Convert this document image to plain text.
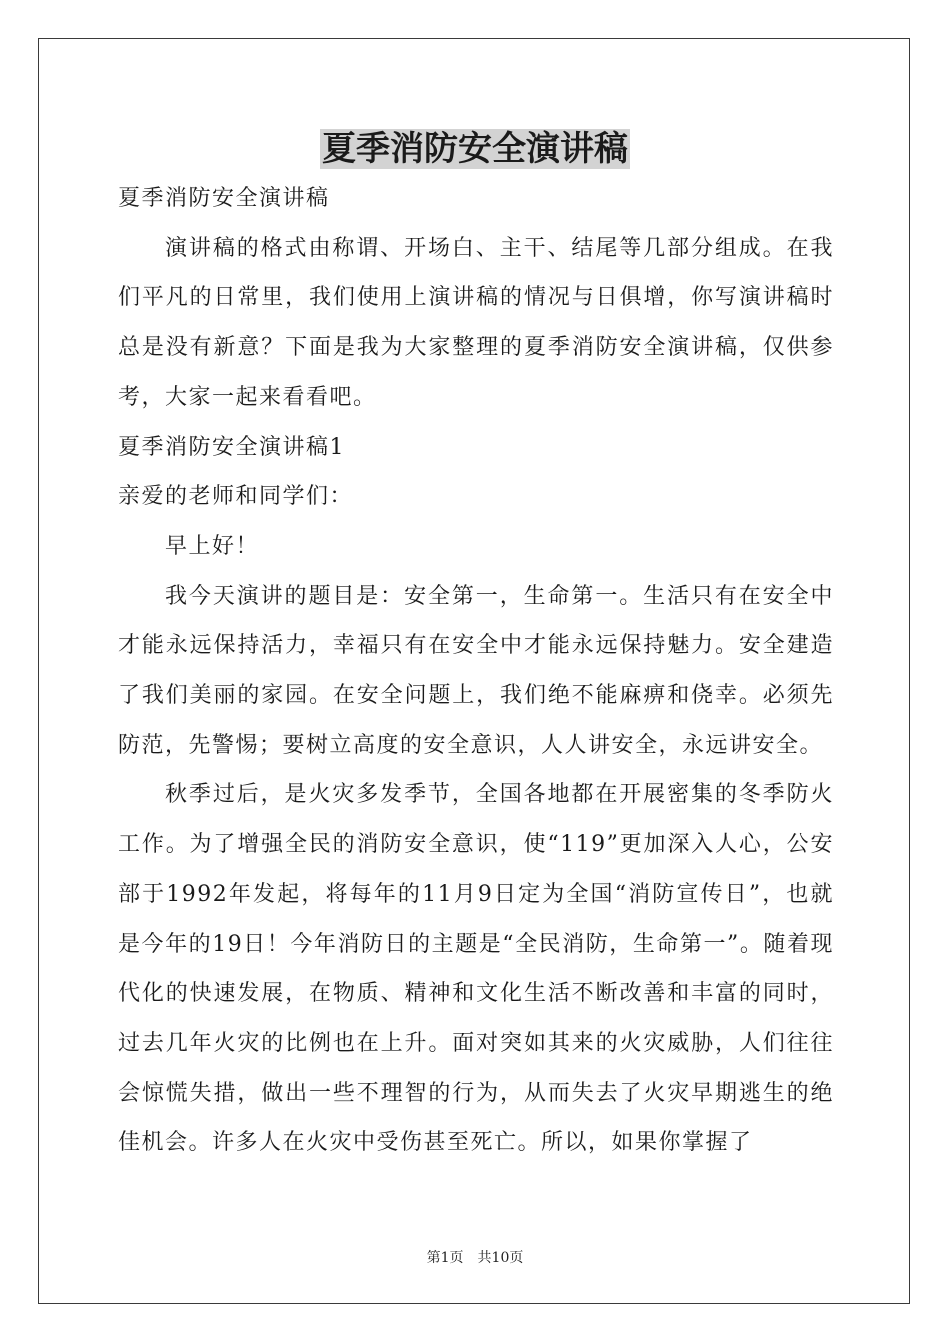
夏季消防安全演讲稿

夏季消防安全演讲稿

演讲稿的格式由称谓、开场白、主干、结尾等几部分组成。在我们平凡的日常里，我们使用上演讲稿的情况与日俱增，你写演讲稿时总是没有新意？下面是我为大家整理的夏季消防安全演讲稿，仅供参考，大家一起来看看吧。

夏季消防安全演讲稿1

亲爱的老师和同学们：

早上好！

我今天演讲的题目是：安全第一，生命第一。生活只有在安全中才能永远保持活力，幸福只有在安全中才能永远保持魅力。安全建造了我们美丽的家园。在安全问题上，我们绝不能麻痹和侥幸。必须先防范，先警惕；要树立高度的安全意识，人人讲安全，永远讲安全。

秋季过后，是火灾多发季节，全国各地都在开展密集的冬季防火工作。为了增强全民的消防安全意识，使“119”更加深入人心，公安部于1992年发起，将每年的11月9日定为全国“消防宣传日”，也就是今年的19日！今年消防日的主题是“全民消防，生命第一”。随着现代化的快速发展，在物质、精神和文化生活不断改善和丰富的同时，过去几年火灾的比例也在上升。面对突如其来的火灾威胁，人们往往会惊慌失措，做出一些不理智的行为，从而失去了火灾早期逃生的绝佳机会。许多人在火灾中受伤甚至死亡。所以，如果你掌握了

第1页 共10页
